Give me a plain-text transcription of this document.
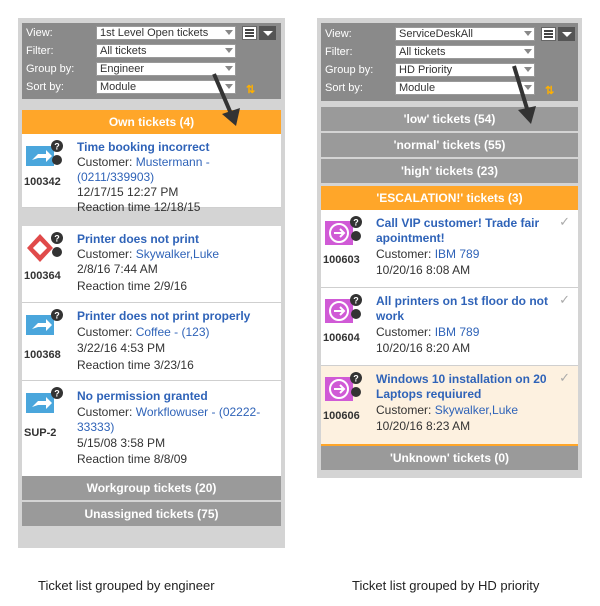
View:	1st Level Open tickets
Filter:	All tickets
Group by:	Engineer
Sort by:	Module	⇅
Own tickets (4)
?
100342
Time booking incorrect
Customer: Mustermann - (0211/339903)
12/17/15 12:27 PM
Reaction time 12/18/15
?
100364
Printer does not print
Customer: Skywalker,Luke
2/8/16 7:44 AM
Reaction time 2/9/16
?
100368
Printer does not print properly
Customer: Coffee - (123)
3/22/16 4:53 PM
Reaction time 3/23/16
?
SUP-2
No permission granted
Customer: Workflowuser - (02222-33333)
5/15/08 3:58 PM
Reaction time 8/8/09
Workgroup tickets (20)
Unassigned tickets (75)
View:	ServiceDeskAll
Filter:	All tickets
Group by:	HD Priority
Sort by:	Module	⇅
'low' tickets (54)
'normal' tickets (55)
'high' tickets (23)
'ESCALATION!' tickets (3)
?
100603
Call VIP customer! Trade fair apointment!
✓
Customer: IBM 789
10/20/16 8:08 AM
?
100604
All printers on 1st floor do not work
✓
Customer: IBM 789
10/20/16 8:20 AM
?
100606
Windows 10 installation on 20 Laptops requiured
✓
Customer: Skywalker,Luke
10/20/16 8:23 AM
'Unknown' tickets (0)
Ticket list grouped by engineer	Ticket list grouped by HD priority
